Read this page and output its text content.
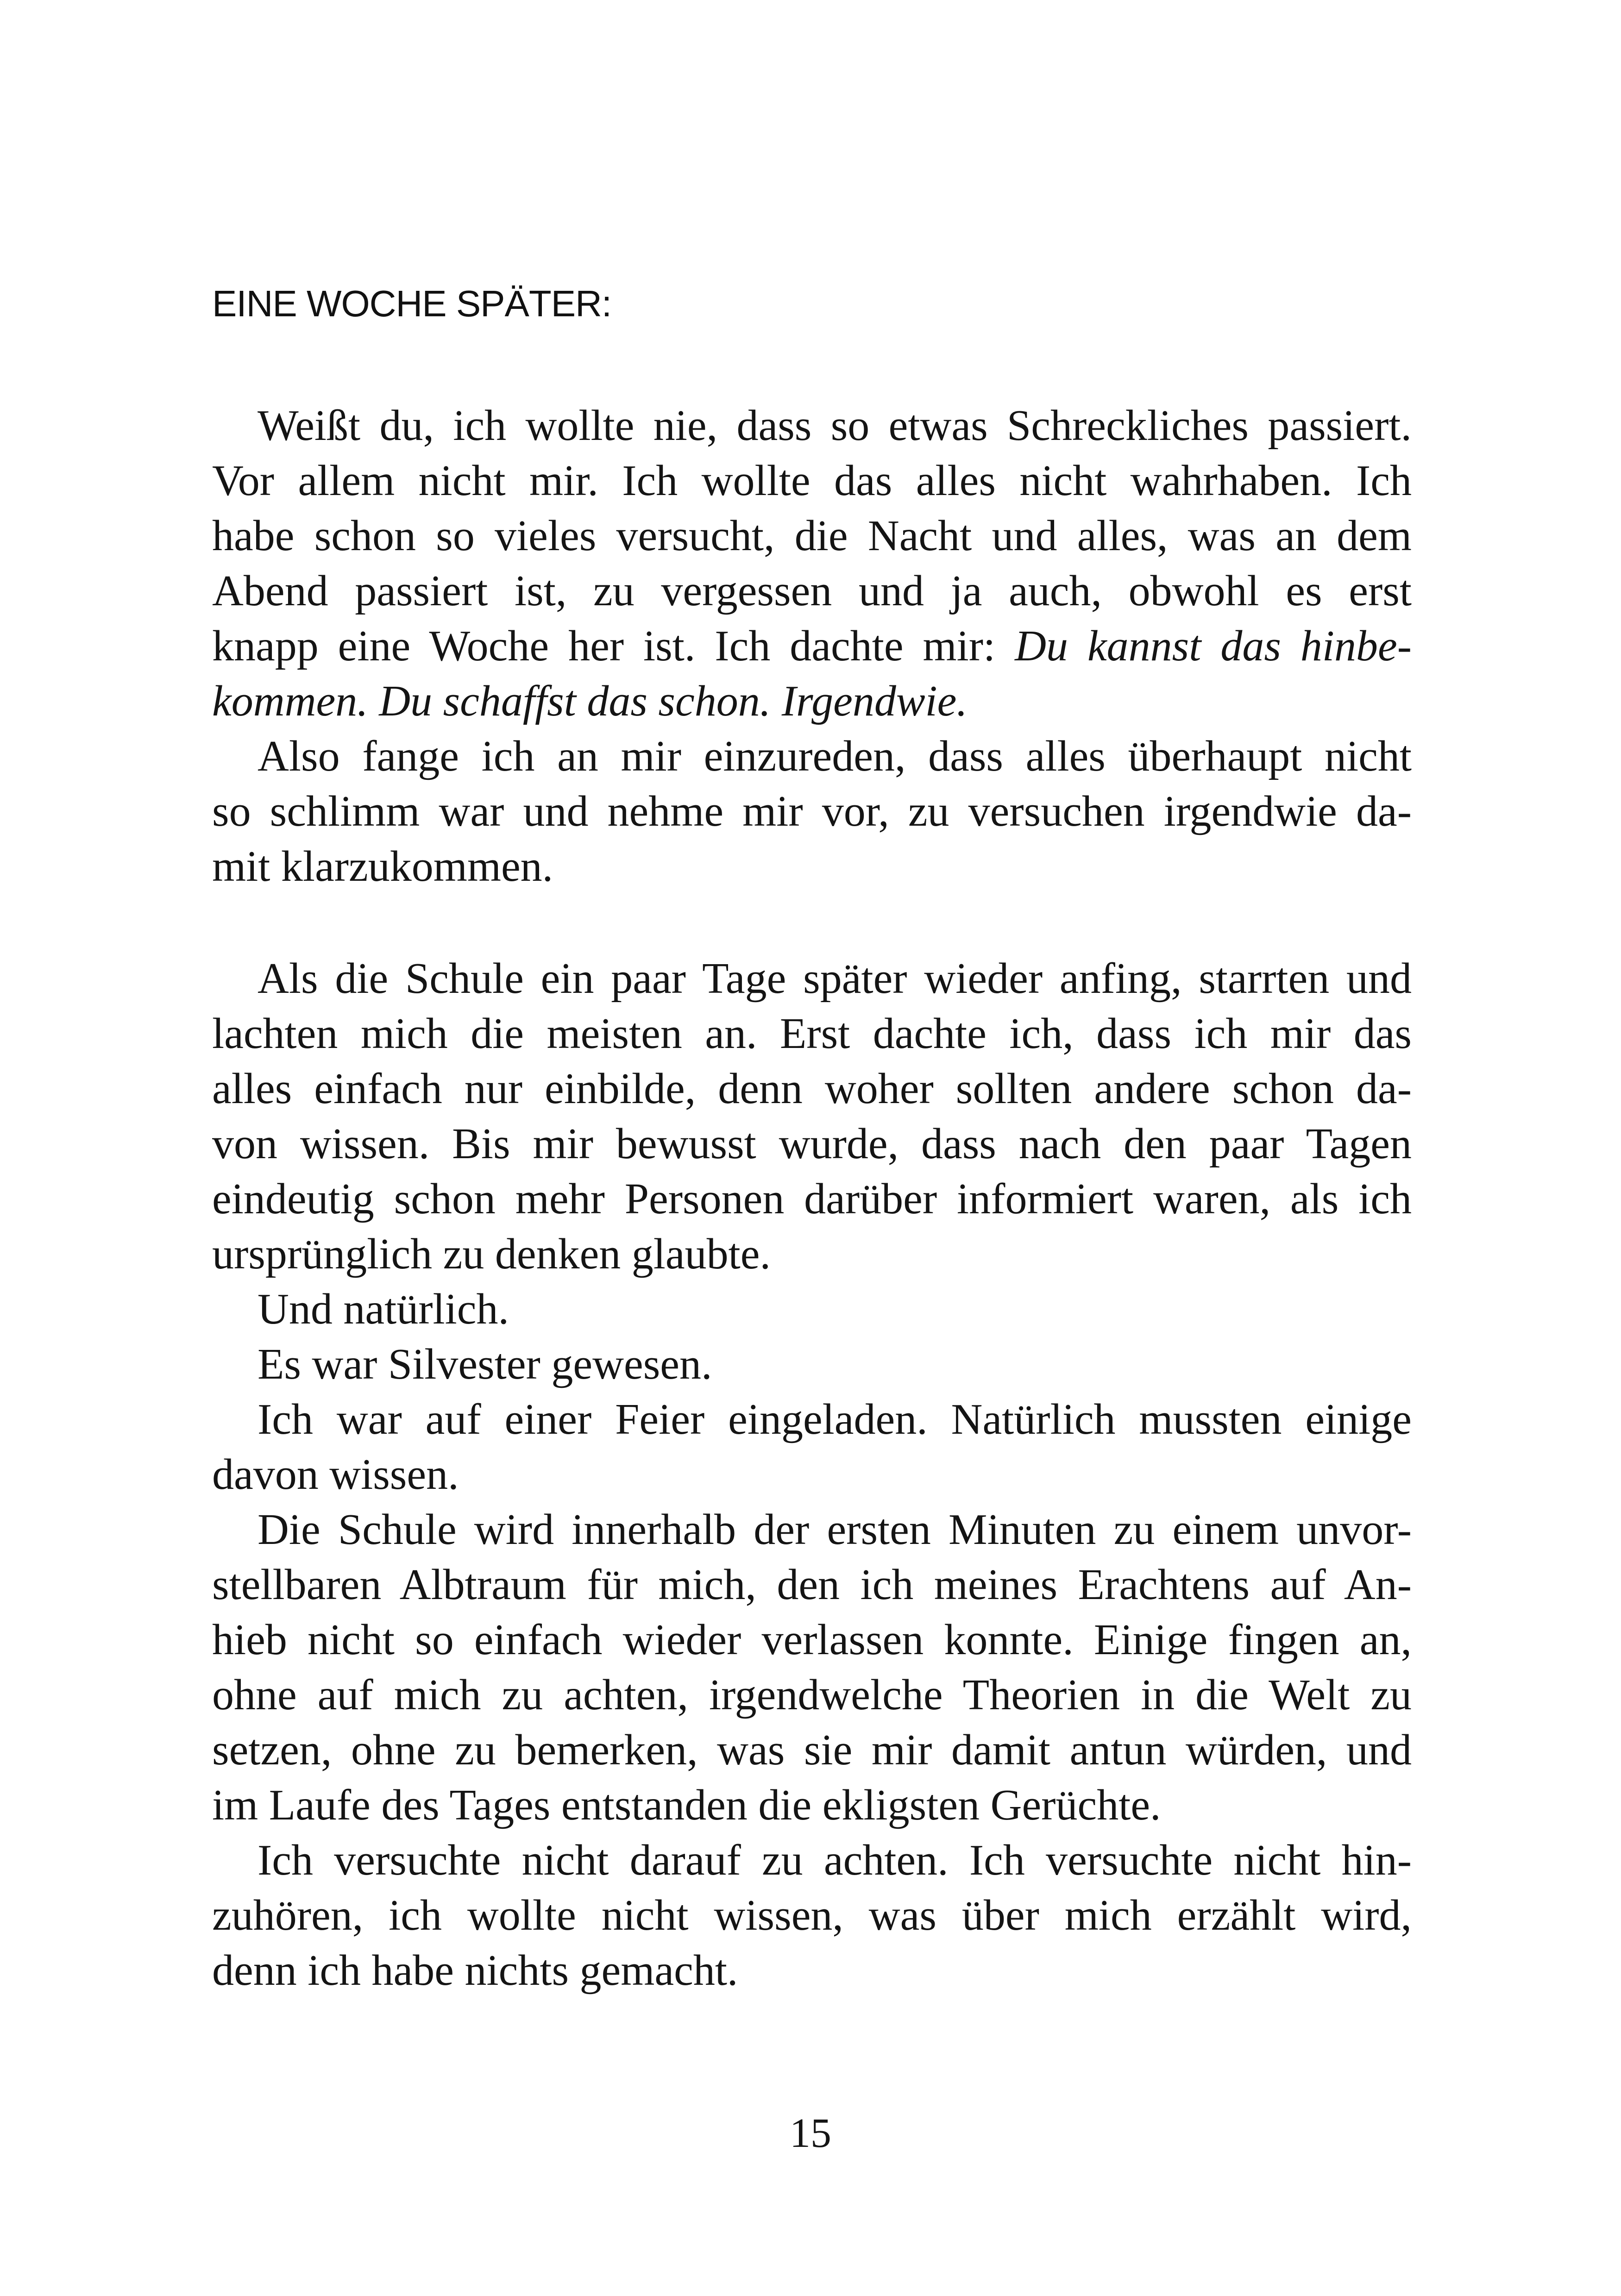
EINE WOCHE SPÄTER:
Weißt du, ich wollte nie, dass so etwas Schreckliches passiert.
Vor allem nicht mir. Ich wollte das alles nicht wahrhaben. Ich
habe schon so vieles versucht, die Nacht und alles, was an dem
Abend passiert ist, zu vergessen und ja auch, obwohl es erst
knapp eine Woche her ist. Ich dachte mir: Du kannst das hinbe-
kommen. Du schaffst das schon. Irgendwie.
Also fange ich an mir einzureden, dass alles überhaupt nicht
so schlimm war und nehme mir vor, zu versuchen irgendwie da-
mit klarzukommen.
Als die Schule ein paar Tage später wieder anfing, starrten und
lachten mich die meisten an. Erst dachte ich, dass ich mir das
alles einfach nur einbilde, denn woher sollten andere schon da-
von wissen. Bis mir bewusst wurde, dass nach den paar Tagen
eindeutig schon mehr Personen darüber informiert waren, als ich
ursprünglich zu denken glaubte.
Und natürlich.
Es war Silvester gewesen.
Ich war auf einer Feier eingeladen. Natürlich mussten einige
davon wissen.
Die Schule wird innerhalb der ersten Minuten zu einem unvor-
stellbaren Albtraum für mich, den ich meines Erachtens auf An-
hieb nicht so einfach wieder verlassen konnte. Einige fingen an,
ohne auf mich zu achten, irgendwelche Theorien in die Welt zu
setzen, ohne zu bemerken, was sie mir damit antun würden, und
im Laufe des Tages entstanden die ekligsten Gerüchte.
Ich versuchte nicht darauf zu achten. Ich versuchte nicht hin-
zuhören, ich wollte nicht wissen, was über mich erzählt wird,
denn ich habe nichts gemacht.
15
